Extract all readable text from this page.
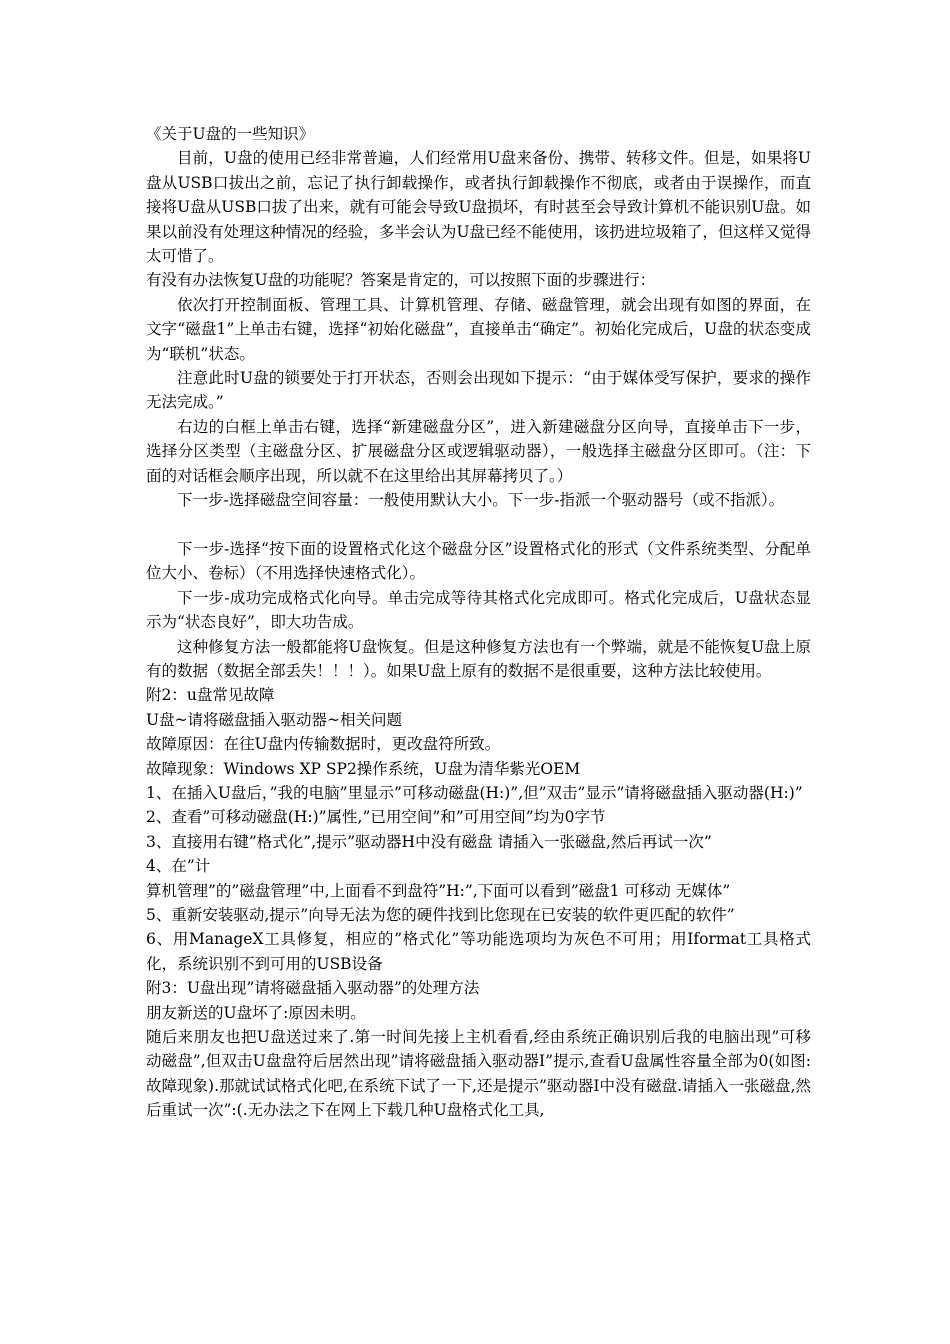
《关于U盘的一些知识》

目前，U盘的使用已经非常普遍，人们经常用U盘来备份、携带、转移文件。但是，如果将U盘从USB口拔出之前，忘记了执行卸载操作，或者执行卸载操作不彻底，或者由于误操作，而直接将U盘从USB口拔了出来，就有可能会导致U盘损坏，有时甚至会导致计算机不能识别U盘。如果以前没有处理这种情况的经验，多半会认为U盘已经不能使用，该扔进垃圾箱了，但这样又觉得太可惜了。

有没有办法恢复U盘的功能呢？答案是肯定的，可以按照下面的步骤进行：

依次打开控制面板、管理工具、计算机管理、存储、磁盘管理，就会出现有如图的界面，在文字“磁盘1”上单击右键，选择“初始化磁盘”，直接单击“确定”。初始化完成后，U盘的状态变成为“联机”状态。

注意此时U盘的锁要处于打开状态，否则会出现如下提示：“由于媒体受写保护，要求的操作无法完成。”

右边的白框上单击右键，选择“新建磁盘分区”，进入新建磁盘分区向导，直接单击下一步，选择分区类型（主磁盘分区、扩展磁盘分区或逻辑驱动器），一般选择主磁盘分区即可。（注：下面的对话框会顺序出现，所以就不在这里给出其屏幕拷贝了。）

下一步-选择磁盘空间容量：一般使用默认大小。下一步-指派一个驱动器号（或不指派）。

下一步-选择“按下面的设置格式化这个磁盘分区”设置格式化的形式（文件系统类型、分配单位大小、卷标）（不用选择快速格式化）。

下一步-成功完成格式化向导。单击完成等待其格式化完成即可。格式化完成后，U盘状态显示为“状态良好”，即大功告成。

这种修复方法一般都能将U盘恢复。但是这种修复方法也有一个弊端，就是不能恢复U盘上原有的数据（数据全部丢失！！！）。如果U盘上原有的数据不是很重要，这种方法比较使用。

附2：u盘常见故障

U盘~请将磁盘插入驱动器~相关问题

故障原因：在往U盘内传输数据时，更改盘符所致。

故障现象：Windows XP SP2操作系统，U盘为清华紫光OEM

1、在插入U盘后，”我的电脑”里显示”可移动磁盘(H:)”,但”双击”显示”请将磁盘插入驱动器(H:)”

2、查看”可移动磁盘(H:)”属性,”已用空间”和”可用空间”均为0字节

3、直接用右键”格式化”,提示”驱动器H中没有磁盘 请插入一张磁盘,然后再试一次”

4、在”计

算机管理”的”磁盘管理”中,上面看不到盘符”H:”,下面可以看到”磁盘1 可移动 无媒体”

5、重新安装驱动,提示”向导无法为您的硬件找到比您现在已安装的软件更匹配的软件”

6、用ManageX工具修复，相应的”格式化”等功能选项均为灰色不可用；用Iformat工具格式化，系统识别不到可用的USB设备

附3：U盘出现”请将磁盘插入驱动器”的处理方法

朋友新送的U盘坏了:原因未明。

随后来朋友也把U盘送过来了.第一时间先接上主机看看,经由系统正确识别后我的电脑出现”可移动磁盘”,但双击U盘盘符后居然出现”请将磁盘插入驱动器I”提示,查看U盘属性容量全部为0(如图:故障现象).那就试试格式化吧,在系统下试了一下,还是提示”驱动器I中没有磁盘.请插入一张磁盘,然后重试一次”:(.无办法之下在网上下载几种U盘格式化工具,
